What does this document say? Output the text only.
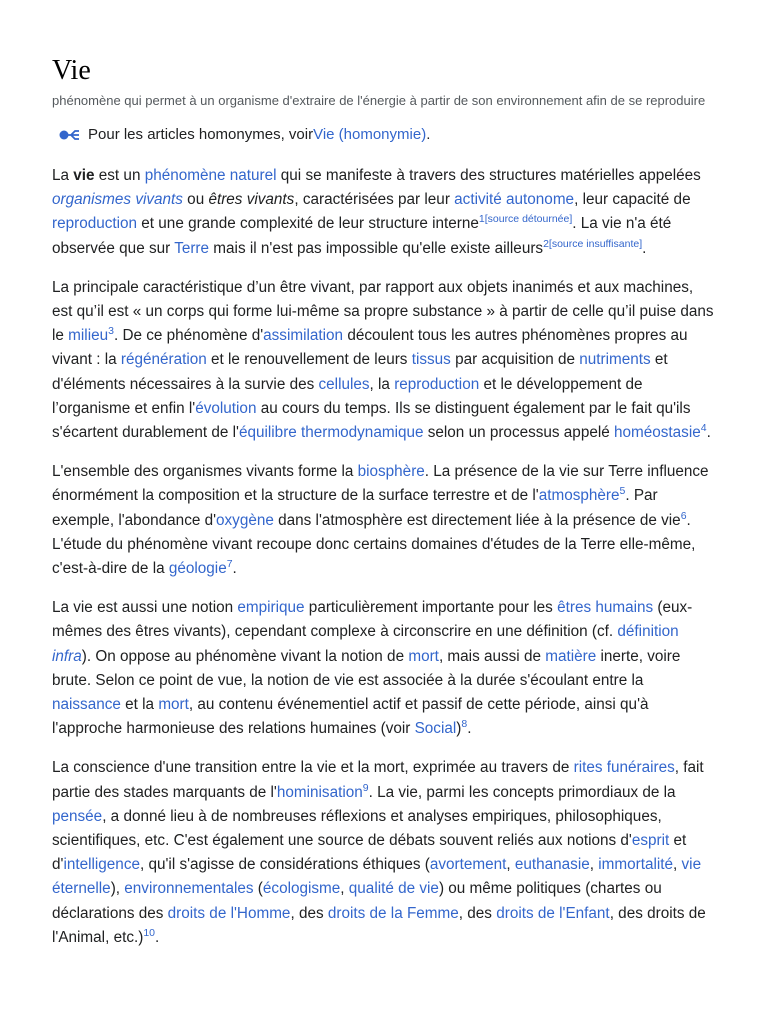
Vie
phénomène qui permet à un organisme d'extraire de l'énergie à partir de son environnement afin de se reproduire
Pour les articles homonymes, voir Vie (homonymie) .

La vie est un phénomène naturel qui se manifeste à travers des structures matérielles appelées organismes vivants ou êtres vivants, caractérisées par leur activité autonome, leur capacité de reproduction et une grande complexité de leur structure interne$^{1[source détournée]}$. La vie n'a été observée que sur Terre mais il n'est pas impossible qu'elle existe ailleurs$^{2[source insuffisante]}$.

La principale caractéristique d’un être vivant, par rapport aux objets inanimés et aux machines, est qu’il est « un corps qui forme lui-même sa propre substance » à partir de celle qu’il puise dans le milieu$^3$. De ce phénomène d'assimilation découlent tous les autres phénomènes propres au vivant : la régénération et le renouvellement de leurs tissus par acquisition de nutriments et d'éléments nécessaires à la survie des cellules, la reproduction et le développement de l’organisme et enfin l'évolution au cours du temps. Ils se distinguent également par le fait qu'ils s'écartent durablement de l'équilibre thermodynamique selon un processus appelé homéostasie$^4$.

L'ensemble des organismes vivants forme la biosphère. La présence de la vie sur Terre influence énormément la composition et la structure de la surface terrestre et de l'atmosphère$^5$. Par exemple, l'abondance d'oxygène dans l'atmosphère est directement liée à la présence de vie$^6$. L'étude du phénomène vivant recoupe donc certains domaines d'études de la Terre elle-même, c'est-à-dire de la géologie$^7$.

La vie est aussi une notion empirique particulièrement importante pour les êtres humains (eux-mêmes des êtres vivants), cependant complexe à circonscrire en une définition (cf. définition infra). On oppose au phénomène vivant la notion de mort, mais aussi de matière inerte, voire brute. Selon ce point de vue, la notion de vie est associée à la durée s'écoulant entre la naissance et la mort, au contenu événementiel actif et passif de cette période, ainsi qu'à l'approche harmonieuse des relations humaines (voir Social)$^8$.

La conscience d'une transition entre la vie et la mort, exprimée au travers de rites funéraires, fait partie des stades marquants de l'hominisation$^9$. La vie, parmi les concepts primordiaux de la pensée, a donné lieu à de nombreuses réflexions et analyses empiriques, philosophiques, scientifiques, etc. C'est également une source de débats souvent reliés aux notions d'esprit et d'intelligence, qu'il s'agisse de considérations éthiques (avortement, euthanasie, immortalité, vie éternelle), environnementales (écologisme, qualité de vie) ou même politiques (chartes ou déclarations des droits de l'Homme, des droits de la Femme, des droits de l'Enfant, des droits de l'Animal, etc.)$^{10}$.
